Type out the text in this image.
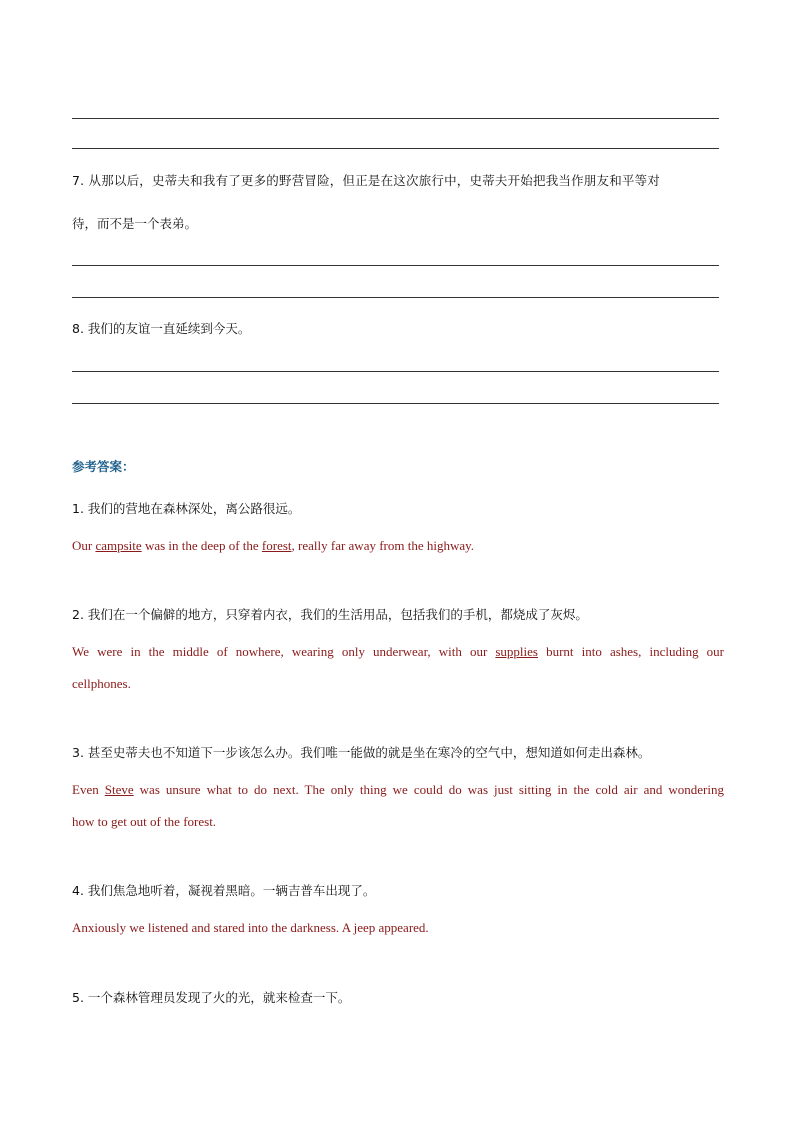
7. 从那以后，史蒂夫和我有了更多的野营冒险，但正是在这次旅行中，史蒂夫开始把我当作朋友和平等对
待，而不是一个表弟。
8. 我们的友谊一直延续到今天。
参考答案：
1. 我们的营地在森林深处，离公路很远。
Our campsite was in the deep of the forest, really far away from the highway.
2. 我们在一个偏僻的地方，只穿着内衣，我们的生活用品，包括我们的手机，都烧成了灰烬。
We were in the middle of nowhere, wearing only underwear, with our supplies burnt into ashes, including our
cellphones.
3. 甚至史蒂夫也不知道下一步该怎么办。我们唯一能做的就是坐在寒冷的空气中，想知道如何走出森林。
Even Steve was unsure what to do next. The only thing we could do was just sitting in the cold air and wondering
how to get out of the forest.
4. 我们焦急地听着，凝视着黑暗。一辆吉普车出现了。
Anxiously we listened and stared into the darkness. A jeep appeared.
5. 一个森林管理员发现了火的光，就来检查一下。
